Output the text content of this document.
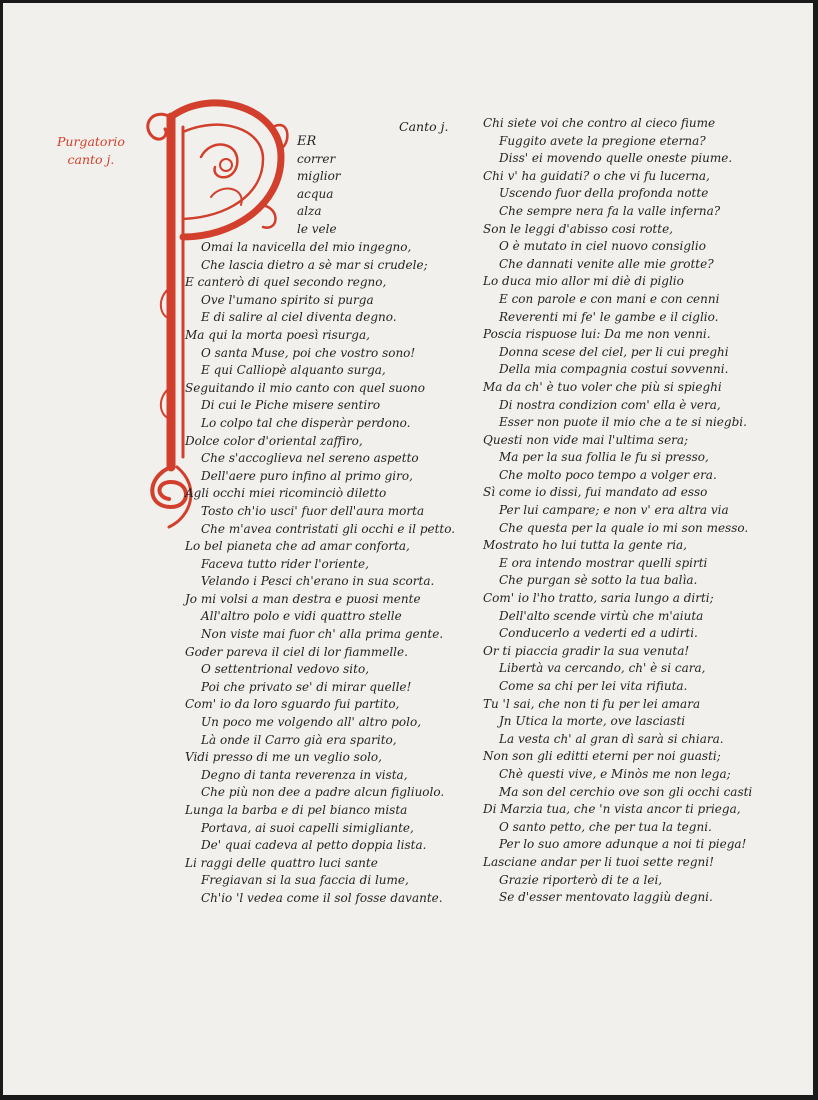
Purgatorio
canto j.
ER
correr
miglior
acqua
alza
le vele
Canto j.
Omai la navicella del mio ingegno,
Che lascia dietro a sè mar si crudele;
E canterò di quel secondo regno,
Ove l'umano spirito si purga
E di salire al ciel diventa degno.
Ma qui la morta poesì risurga,
O santa Muse, poi che vostro sono!
E qui Calliopè alquanto surga,
Seguitando il mio canto con quel suono
Di cui le Piche misere sentiro
Lo colpo tal che disperàr perdono.
Dolce color d'oriental zaffiro,
Che s'accoglieva nel sereno aspetto
Dell'aere puro infino al primo giro,
Agli occhi miei ricominciò diletto
Tosto ch'io usci' fuor dell'aura morta
Che m'avea contristati gli occhi e il petto.
Lo bel pianeta che ad amar conforta,
Faceva tutto rider l'oriente,
Velando i Pesci ch'erano in sua scorta.
Jo mi volsi a man destra e puosi mente
All'altro polo e vidi quattro stelle
Non viste mai fuor ch' alla prima gente.
Goder pareva il ciel di lor fiammelle.
O settentrional vedovo sito,
Poi che privato se' di mirar quelle!
Com' io da loro sguardo fui partito,
Un poco me volgendo all' altro polo,
Là onde il Carro già era sparito,
Vidi presso di me un veglio solo,
Degno di tanta reverenza in vista,
Che più non dee a padre alcun figliuolo.
Lunga la barba e di pel bianco mista
Portava, ai suoi capelli simigliante,
De' quai cadeva al petto doppia lista.
Li raggi delle quattro luci sante
Fregiavan si la sua faccia di lume,
Ch'io 'l vedea come il sol fosse davante.
Chi siete voi che contro al cieco fiume
Fuggito avete la pregione eterna?
Diss' ei movendo quelle oneste piume.
Chi v' ha guidati? o che vi fu lucerna,
Uscendo fuor della profonda notte
Che sempre nera fa la valle inferna?
Son le leggi d'abisso cosi rotte,
O è mutato in ciel nuovo consiglio
Che dannati venite alle mie grotte?
Lo duca mio allor mi diè di piglio
E con parole e con mani e con cenni
Reverenti mi fe' le gambe e il ciglio.
Poscia rispuose lui: Da me non venni.
Donna scese del ciel, per li cui preghi
Della mia compagnia costui sovvenni.
Ma da ch' è tuo voler che più si spieghi
Di nostra condizion com' ella è vera,
Esser non puote il mio che a te si niegbi.
Questi non vide mai l'ultima sera;
Ma per la sua follia le fu si presso,
Che molto poco tempo a volger era.
Sì come io dissi, fui mandato ad esso
Per lui campare; e non v' era altra via
Che questa per la quale io mi son messo.
Mostrato ho lui tutta la gente ria,
E ora intendo mostrar quelli spirti
Che purgan sè sotto la tua balìa.
Com' io l'ho tratto, saria lungo a dirti;
Dell'alto scende virtù che m'aiuta
Conducerlo a vederti ed a udirti.
Or ti piaccia gradir la sua venuta!
Libertà va cercando, ch' è si cara,
Come sa chi per lei vita rifiuta.
Tu 'l sai, che non ti fu per lei amara
Jn Utica la morte, ove lasciasti
La vesta ch' al gran dì sarà si chiara.
Non son gli editti eterni per noi guasti;
Chè questi vive, e Minòs me non lega;
Ma son del cerchio ove son gli occhi casti
Di Marzia tua, che 'n vista ancor ti priega,
O santo petto, che per tua la tegni.
Per lo suo amore adunque a noi ti piega!
Lasciane andar per li tuoi sette regni!
Grazie riporterò di te a lei,
Se d'esser mentovato laggiù degni.
